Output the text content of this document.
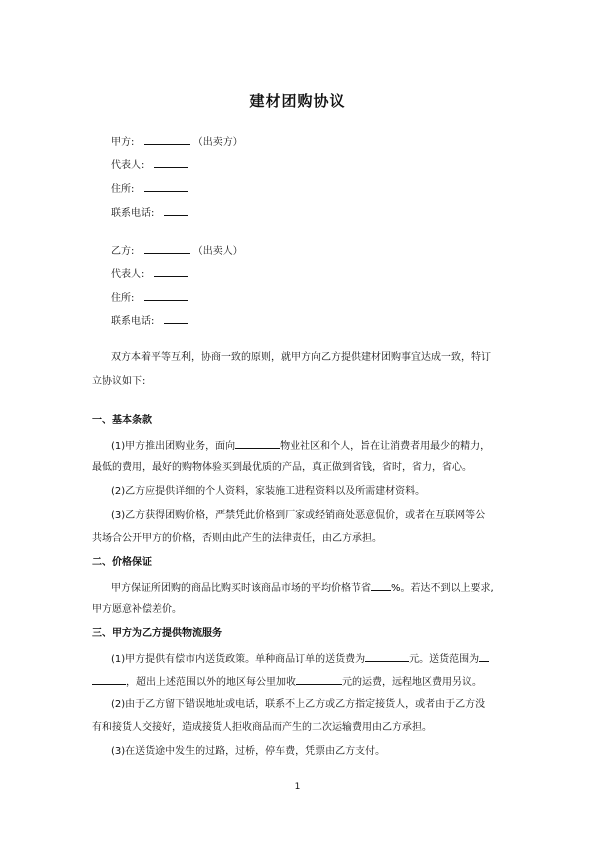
建材团购协议
甲方:	（出卖方）
代表人:
住所:
联系电话:
乙方:	（出卖人）
代表人:
住所:
联系电话:
双方本着平等互利，协商一致的原则，就甲方向乙方提供建材团购事宜达成一致，特订
立协议如下:
一、基本条款
(1)甲方推出团购业务，面向	物业社区和个人，旨在让消费者用最少的精力，
最低的费用，最好的购物体验买到最优质的产品，真正做到省钱，省时，省力，省心。
(2)乙方应提供详细的个人资料，家装施工进程资料以及所需建材资料。
(3)乙方获得团购价格，严禁凭此价格到厂家或经销商处恶意侃价，或者在互联网等公
共场合公开甲方的价格，否则由此产生的法律责任，由乙方承担。
二、价格保证
甲方保证所团购的商品比购买时该商品市场的平均价格节省 %。若达不到以上要求,
甲方愿意补偿差价。
三、甲方为乙方提供物流服务
(1)甲方提供有偿市内送货政策。单种商品订单的送货费为	元。送货范围为
，超出上述范围以外的地区每公里加收	元的运费，远程地区费用另议。
(2)由于乙方留下错误地址或电话，联系不上乙方或乙方指定接货人，或者由于乙方没
有和接货人交接好，造成接货人拒收商品而产生的二次运输费用由乙方承担。
(3)在送货途中发生的过路，过桥，停车费，凭票由乙方支付。
1
